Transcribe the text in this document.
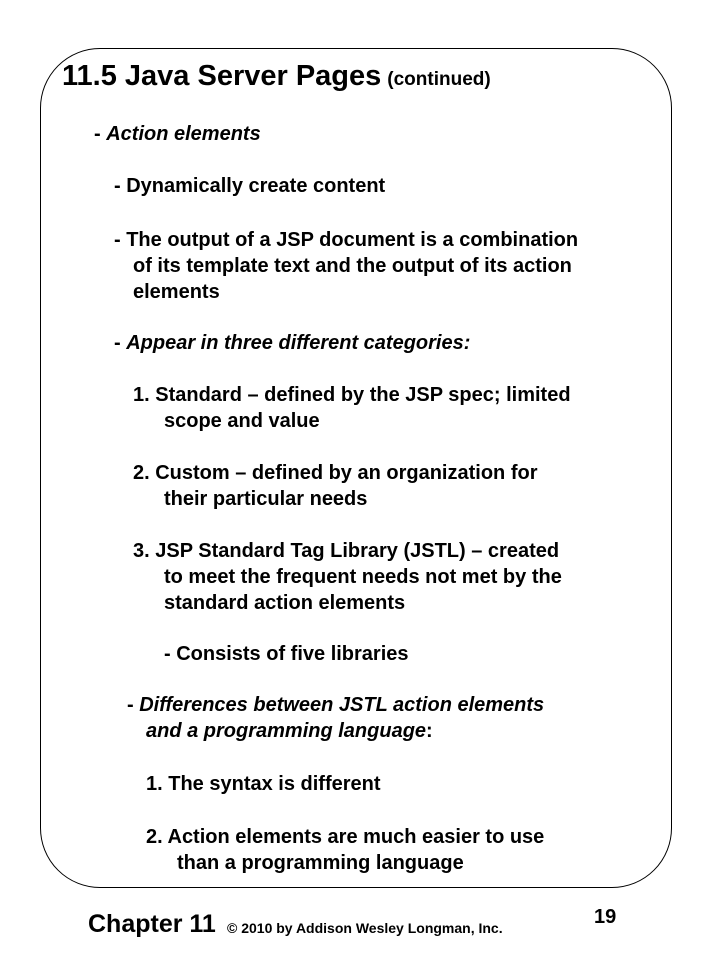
11.5 Java Server Pages (continued)
- Action elements
- Dynamically create content
- The output of a JSP document is a combination
of its template text and the output of its action
elements
- Appear in three different categories:
1. Standard – defined by the JSP spec; limited
scope and value
2. Custom – defined by an organization for
their particular needs
3. JSP Standard Tag Library (JSTL) – created
to meet the frequent needs not met by the
standard action elements
- Consists of five libraries
- Differences between JSTL action elements
and a programming language:
1. The syntax is different
2. Action elements are much easier to use
than a programming language
Chapter 11 © 2010 by Addison Wesley Longman, Inc.	19
